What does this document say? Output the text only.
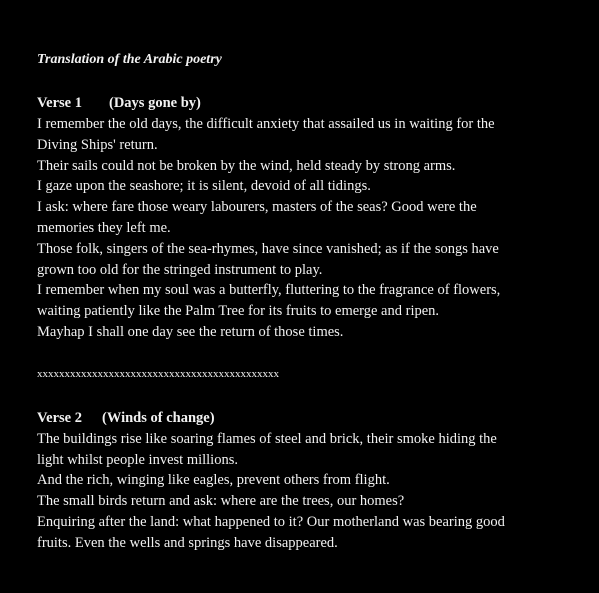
Translation of the Arabic poetry

Verse 1 (Days gone by)

I remember the old days, the difficult anxiety that assailed us in waiting for the
Diving Ships' return.
Their sails could not be broken by the wind, held steady by strong arms.
I gaze upon the seashore; it is silent, devoid of all tidings.
I ask: where fare those weary labourers, masters of the seas? Good were the
memories they left me.
Those folk, singers of the sea-rhymes, have since vanished; as if the songs have
grown too old for the stringed instrument to play.
I remember when my soul was a butterfly, fluttering to the fragrance of flowers,
waiting patiently like the Palm Tree for its fruits to emerge and ripen.
Mayhap I shall one day see the return of those times.
xxxxxxxxxxxxxxxxxxxxxxxxxxxxxxxxxxxxxxxxxxxx

Verse 2 (Winds of change)

The buildings rise like soaring flames of steel and brick, their smoke hiding the
light whilst people invest millions.
And the rich, winging like eagles, prevent others from flight.
The small birds return and ask: where are the trees, our homes?
Enquiring after the land: what happened to it? Our motherland was bearing good
fruits. Even the wells and springs have disappeared.
